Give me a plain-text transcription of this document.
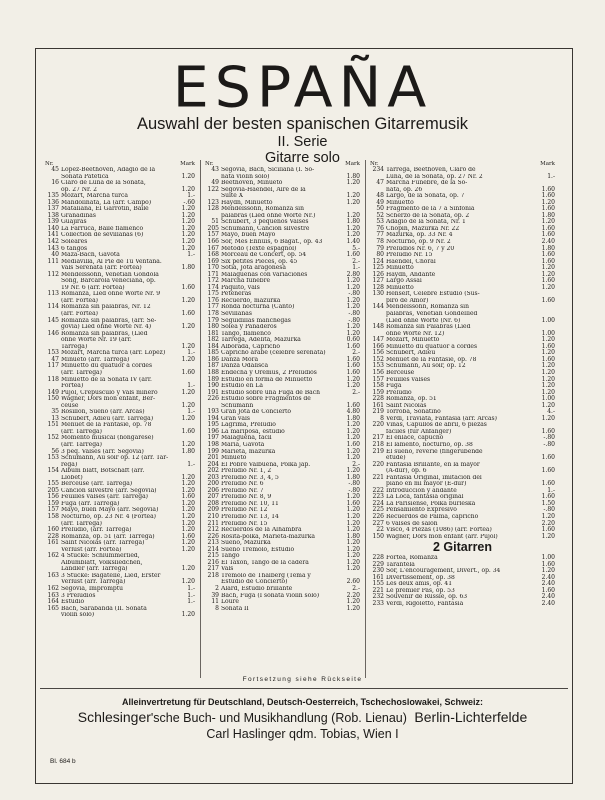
ESPAÑA
Auswahl der besten spanischen Gitarremusik
II. Serie
Gitarre solo
Nr.	Mark
45 Lopez-Beethoven, Adagio de la
Sonata Patética	1.20
16 Claro de Luna de la Sonata,
op. 27 Nr. 2	1.20
135 Mozart, Marcha turca	1.-
136 Mandolinata, La (arr. Campo)	-.60
137 Mataliana, El Garrotin, Baile	1.20
138 Granadinas	1.20
139 Guajiras	1.20
140 La Farruca, Baile flamenco	1.20
141 Collection de sevillanas (6)	1.20
142 Soleares	1.20
143 6 tangos	1.20
40 Maza-Bach, Gavota	1.-
111 Mediavilla, Al Pie de Tu Ventana.
Vals Serenata (arr. Fortea)	1.80
112 Mendelssohn, Venetian Gondola
Song, Barcarola veneciana, op.
19 Nr. 6 (arr. Fortea)	1.60
113 Romanza, Lied ohne Worte Nr. 9
(arr. Fortea)	1.20
114 Romanza sin palabras, Nr. 12
(arr. Fortea)	1.60
145 Romanza sin palabras, (arr. Se-
govia) Lied ohne Worte Nr. 4)	1.20
146 Romanza sin palabras, (Lied
ohne Worte Nr. 19 (arr.
Tárrega)	1.20
153 Mozart, Marcha turca (arr. Lopez)	1.-
47 Minueto (arr. Tárrega)	1.20
117 Minuetto du quatuor à cordes
(arr. Tárrega)	1.60
118 Minuetto de la Sonata IV (arr.
Fortea)	1.-
149 Pujol, Crepúsculo y Vals minero	1.20
150 Wagner, Dors mon enfant, Ber-
ceuse	1.20
35 Rosillon, Sueño (arr. Arcas)	1.-
13 Schubert, Adieu (arr. Tárrega)	1.20
151 Menuet de la Fantasie, op. 78
(arr. Tárrega)	1.60
152 Momento musical (hongarese)
(arr. Tárrega)	1.20
56 3 peq. Valses (arr. Segovia)	1.80
153 Schumann, Au soir op. 12 (arr. Tár-
rega)	1.-
154 Album blatt, Botschaft (arr.
Llobet)	1.20
155 Berceuse (arr. Tárrega)	1.20
205 Cancion silvestre (arr. Segovia)	1.20
156 Feuilles valses (arr. Tárrega)	1.60
159 Fuga (arr. Tárrega)	1.20
157 Mayo, buen Mayo (arr. Segovia)	1.20
158 Nocturno, op. 23 Nr. 4 (Fortea)	1.20
(arr. Tárrega)	1.20
160 Preludio, (arr. Tárrega)	1.20
228 Romanza, op. 51 (arr. Tárrega)	1.60
161 Saint Nicolas (arr. Tárrega)	1.20
Verlust (arr. Fortea)	1.20
162 4 Stücke: Schlummerlied,
Albumblatt, Volksliedchen,
Ländler (arr. Tárrega)	1.20
163 3 Stücke: Bagatelle, Lied, Erster
Verlust (arr. Tárrega)	1.20
162 Segovia, Impromptu	1.-
163 3 Preludios	1.-
164 Estudio	1.-
165 Bach, Sarabanda (II. Sonata
violin solo)	1.20
Nr.	Mark
43 Segovia, Bach, Siciliana (I. So-
nata violin solo)	1.80
49 Beethoven, Minueto	1.20
122 Segovia-Haendel, Aire de la
Suite X	1.20
123 Haydn, Minuetto	1.20
128 Mendelssohn, Romanza sin
palabras (Lied ohne Worte Nr.)	1.20
51 Schubert, 3 pequeños Valses	1.80
205 Schumann, Cancion silvestre	1.20
157 Mayo, buen Mayo	1.20
166 Sor, Mes Ennuis, 6 Bagat., op. 43	1.40
167 Metodo (Texte espagnol)	5.-
168 Morceau de Concert, op. 54	1.60
169 Six petites Pièces, op. 45	2.-
170 Sotia, Jota aragonesa	1.-
171 Malagueñas con variaciones	2.80
172 Marcha fúnebre	1.20
174 Paquito, vals	1.20
175 Peteneras	-.80
176 Recuerdo, mazurka	1.20
177 Ronda nocturna (Canto)	1.20
178 Sevillanas	-.80
179 Seguidillas manchegas	-.80
180 Solea y Panaderos	1.20
181 Tango, flamenco	1.20
182 Tárrega, Adelita, Mazurka	0.60
184 Alborada, Capricho	1.60
185 Capricho árabe (célebre serenata)	2.-
186 Danza Mora	1.60
187 Danza Odalisca	1.60
188 Endecha y Oremus, 2 Preludios	1.60
189 Estudio en forma de Minuetto	1.20
190 Estudio en La	1.20
191 Estudio sobre una Fuga de Bach	2.-
226 Estudio sobre Fragmentos de
Schumann	1.60
193 Gran Jota de Concierto	4.80
194 Gran vals	1.80
195 Lágrima, Preludio	1.20
196 La mariposa, estudio	1.20
197 Malagueña, facil	1.20
198 María, Gavota	1.60
199 Marieta, mazurka	1.20
201 Minueto	1.20
204 El Pobre Valbuena, Polka jap.	2.-
202 Preludio Nr. 1, 2	1.20
203 Preludio Nr. 3, 4, 5	1.80
200 Preludio Nr. 6	-.80
206 Preludio Nr. 7	-.80
207 Preludio Nr. 8, 9	1.20
208 Preludio Nr. 10, 11	1.60
209 Preludio Nr. 12	1.20
210 Preludio Nr. 13, 14	1.20
211 Preludio Nr. 15	1.20
212 Recuerdos de la Alhambra	1.20
226 Rosita-polka, Marieta-mazurka	1.80
213 Sueño, Mazurka	1.20
214 Sueño Trémolo, Estudio	1.20
215 Tango	1.20
216 El Taxon, Tango de la cadera	1.20
217 Vals	1.20
218 Trémolo de Thalberg (Tema y
Estudio de Concierto)	2.60
2 Alard, Estudio brillante	2.-
39 Bach, Fuga (I sonata violin solo)	2.20
11 Loure	1.20
8 Sonata II	1.20
Nr.	Mark
234 Tárrega, Beethoven, Claro de
Luna, de la Sonata, op. 27 Nr. 2	1.-
47 Marcha Fúnebre, de la So-
nata, op. 26	1.60
48 Largo, de la Sonata, op. 7	1.60
49 Minuetto	1.20
50 Fragmento de la 7 a Sinfonia	1.60
52 Scherzo de la Sonata, op. 2	1.80
53 Adagio de la Sonata, Nr. 1	1.20
76 Chopin, Mazurka Nr. 22	1.60
77 Mazurka, op. 33 Nr. 4	1.60
78 Nocturno, op. 9 Nr. 2	2.40
79 Preludios Nr. 6, 7 y 20	1.80
80 Preludio Nr. 15	1.60
124 Haendel, Choral	1.60
125 Minuetto	1.20
126 Haydn, Andante	1.20
127 Largo Assai	1.60
128 Minuetto	1.20
130 Henselt, Célebre Estudio (Sus-
piro de Amor)	1.60
144 Mendelssohn, Romanza sin
palabras, Venetian Gondellied
(Lied ohne Worte (Nr. 6)	1.00
148 Romanza sin Palabras (Lied
ohne Worte Nr. 12)	1.00
147 Mozart, Minuetto	1.20
166 Minuetto du quatuor à cordes	1.60
156 Schubert, Adieu	1.20
152 Menuet de la Fantasie, op. 78	1.60
153 Schumann, Au soir, op. 12	1.20
156 Berceuse	1.20
157 Feuilles valses	1.20
158 Fuga	1.20
159 Preludio	1.20
228 Romanza, op. 51	1.00
161 Saint Nicolas	1.20
219 Torroba, Sonatino	4.-
8 Verdi, Traviata, Fantasia (arr. Arcas)	1.20
220 Viñas, Capullos de abril, 6 piezas
fáciles (für Anfänger)	1.60
217 El enlace, capucho	-.80
218 El lamento, nocturno, op. 38	-.80
219 El sueño, reverie (fingerübende
etude)	1.60
220 Fantasia Brillante, en la mayor
(A-dur), op. 6	1.60
221 Fantasia Original, imitación del
piano en mi mayor (E-dur)	1.60
222 Introducción y andante	1.-
223 La Loca, fantasía original	1.60
224 La Parisiense, Polka burleska	1.50
225 Pensamiento Expresivo	-.80
226 Recuerdos de Palma, capricho	1.20
227 6 valses de salón	2.20
22 Visco, 4 Piezas (1086) (arr. Fortea)	1.60
150 Wagner, Dors mon enfant (arr. Pujol)	1.20
2 Gitarren
228 Fortea, Romanza	1.00
229 Tarantela	1.60
230 Sor, L'encouragement, Divert., op. 34	1.20
161 Divertissement, op. 38	2.40
155 Les deux amis, op. 41	2.40
221 Le premier Pas, op. 53	1.60
232 Souvenir de Russie, op. 63	2.40
233 Verdi, Rigoletto, Fantasia	2.40
Fortsetzung siehe Rückseite
Alleinvertretung für Deutschland, Deutsch-Oesterreich, Tschechoslowakei, Schweiz:
Schlesinger'sche Buch- und Musikhandlung (Rob. Lienau) Berlin-Lichterfelde
Carl Haslinger qdm. Tobias, Wien I
Bl. 684 b
